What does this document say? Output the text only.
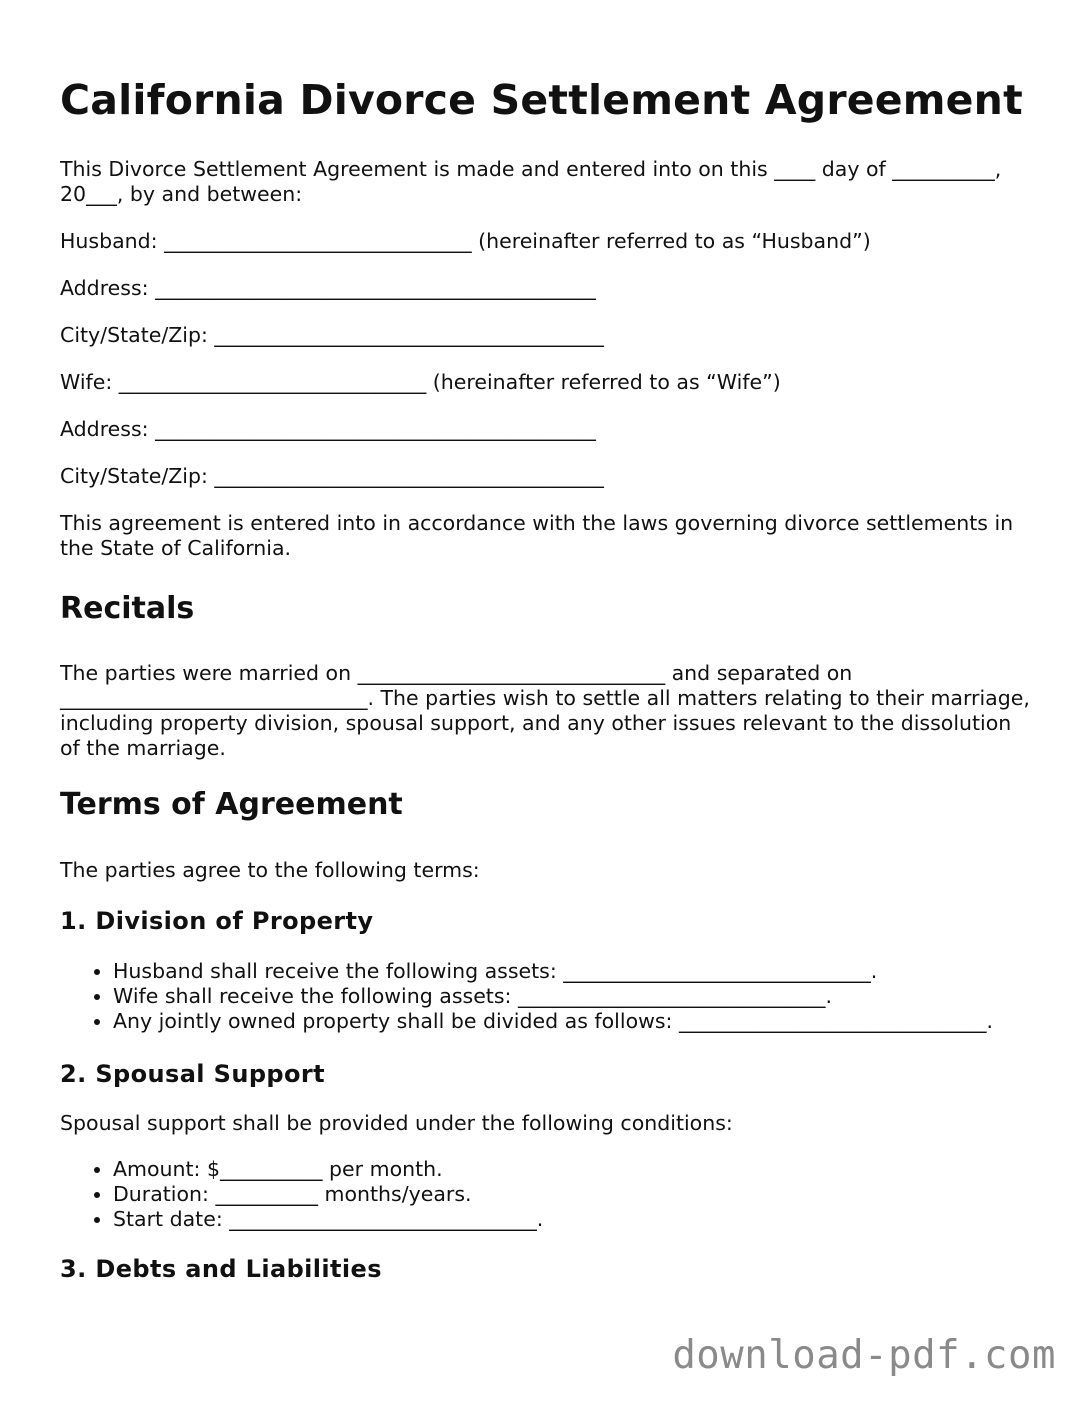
California Divorce Settlement Agreement

This Divorce Settlement Agreement is made and entered into on this ____ day of __________, 20___, by and between:

Husband: ______________________________ (hereinafter referred to as “Husband”)

Address: ___________________________________________

City/State/Zip: ______________________________________

Wife: ______________________________ (hereinafter referred to as “Wife”)

Address: ___________________________________________

City/State/Zip: ______________________________________

This agreement is entered into in accordance with the laws governing divorce settlements in the State of California.

Recitals

The parties were married on ______________________________ and separated on ______________________________. The parties wish to settle all matters relating to their marriage, including property division, spousal support, and any other issues relevant to the dissolution of the marriage.

Terms of Agreement

The parties agree to the following terms:

1. Division of Property
• Husband shall receive the following assets: ______________________________.
• Wife shall receive the following assets: ______________________________.
• Any jointly owned property shall be divided as follows: ______________________________.
2. Spousal Support

Spousal support shall be provided under the following conditions:

• Amount: $__________ per month.
• Duration: __________ months/years.
• Start date: ______________________________.
3. Debts and Liabilities
download-pdf.com
